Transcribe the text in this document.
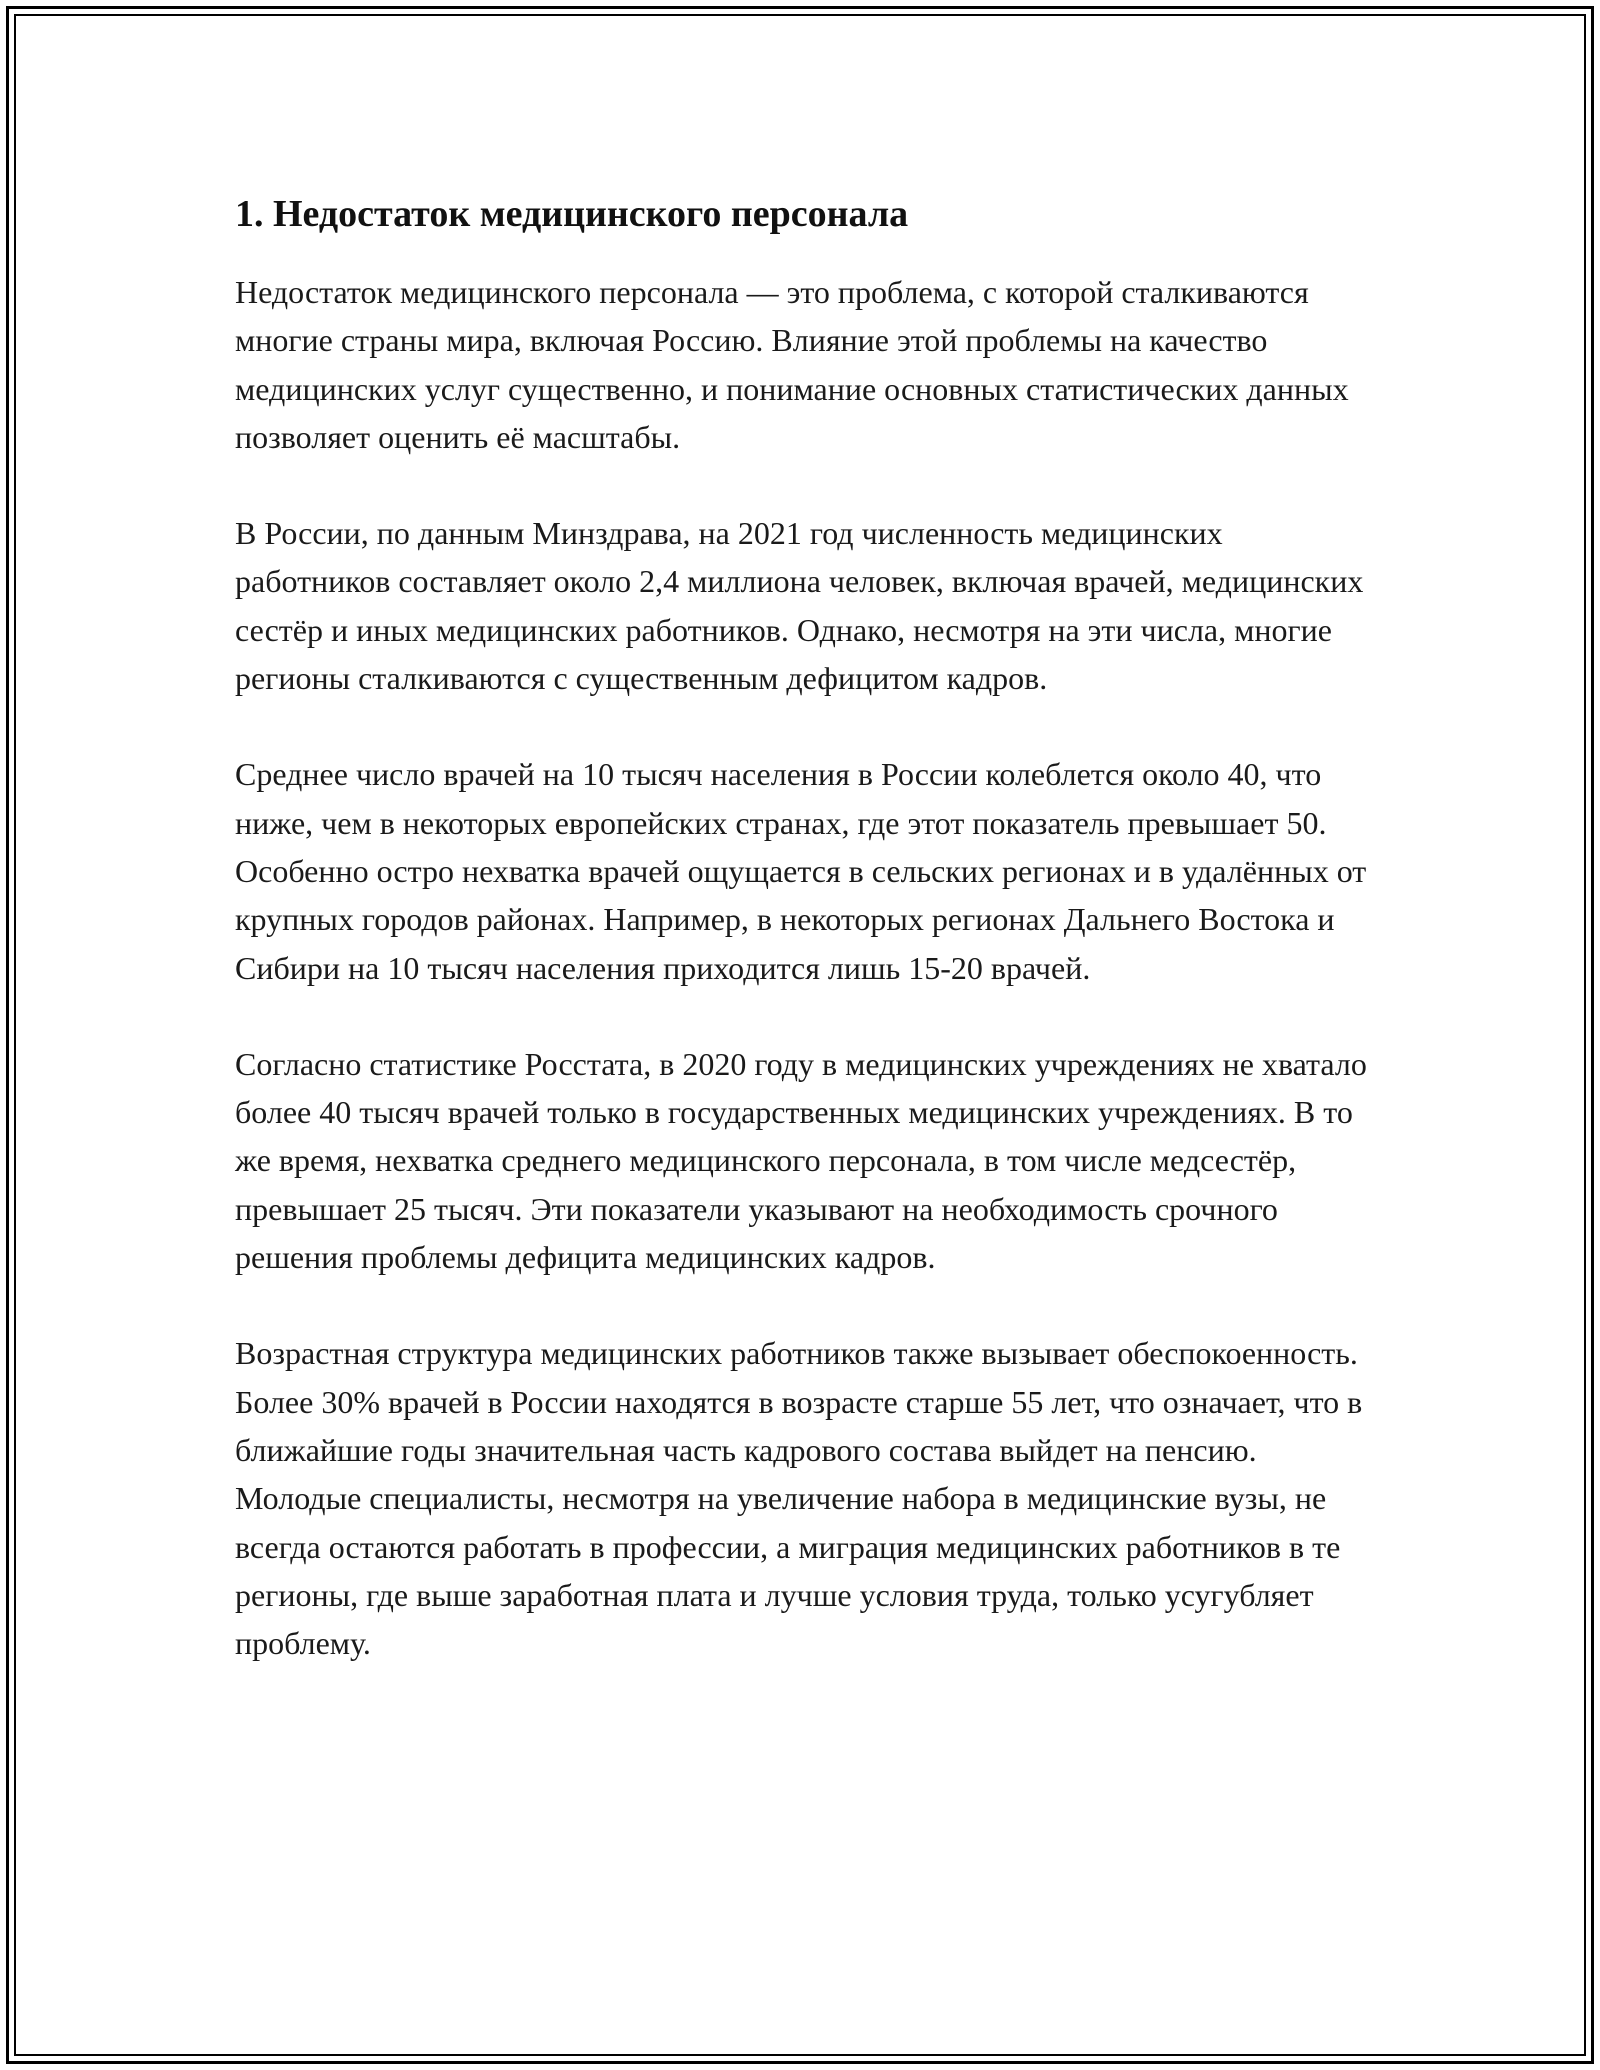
1. Недостаток медицинского персонала

Недостаток медицинского персонала — это проблема, с которой сталкиваются многие страны мира, включая Россию. Влияние этой проблемы на качество медицинских услуг существенно, и понимание основных статистических данных позволяет оценить её масштабы.

В России, по данным Минздрава, на 2021 год численность медицинских работников составляет около 2,4 миллиона человек, включая врачей, медицинских сестёр и иных медицинских работников. Однако, несмотря на эти числа, многие регионы сталкиваются с существенным дефицитом кадров.

Среднее число врачей на 10 тысяч населения в России колеблется около 40, что ниже, чем в некоторых европейских странах, где этот показатель превышает 50. Особенно остро нехватка врачей ощущается в сельских регионах и в удалённых от крупных городов районах. Например, в некоторых регионах Дальнего Востока и Сибири на 10 тысяч населения приходится лишь 15-20 врачей.

Согласно статистике Росстата, в 2020 году в медицинских учреждениях не хватало более 40 тысяч врачей только в государственных медицинских учреждениях. В то же время, нехватка среднего медицинского персонала, в том числе медсестёр, превышает 25 тысяч. Эти показатели указывают на необходимость срочного решения проблемы дефицита медицинских кадров.

Возрастная структура медицинских работников также вызывает обеспокоенность. Более 30% врачей в России находятся в возрасте старше 55 лет, что означает, что в ближайшие годы значительная часть кадрового состава выйдет на пенсию. Молодые специалисты, несмотря на увеличение набора в медицинские вузы, не всегда остаются работать в профессии, а миграция медицинских работников в те регионы, где выше заработная плата и лучше условия труда, только усугубляет проблему.
